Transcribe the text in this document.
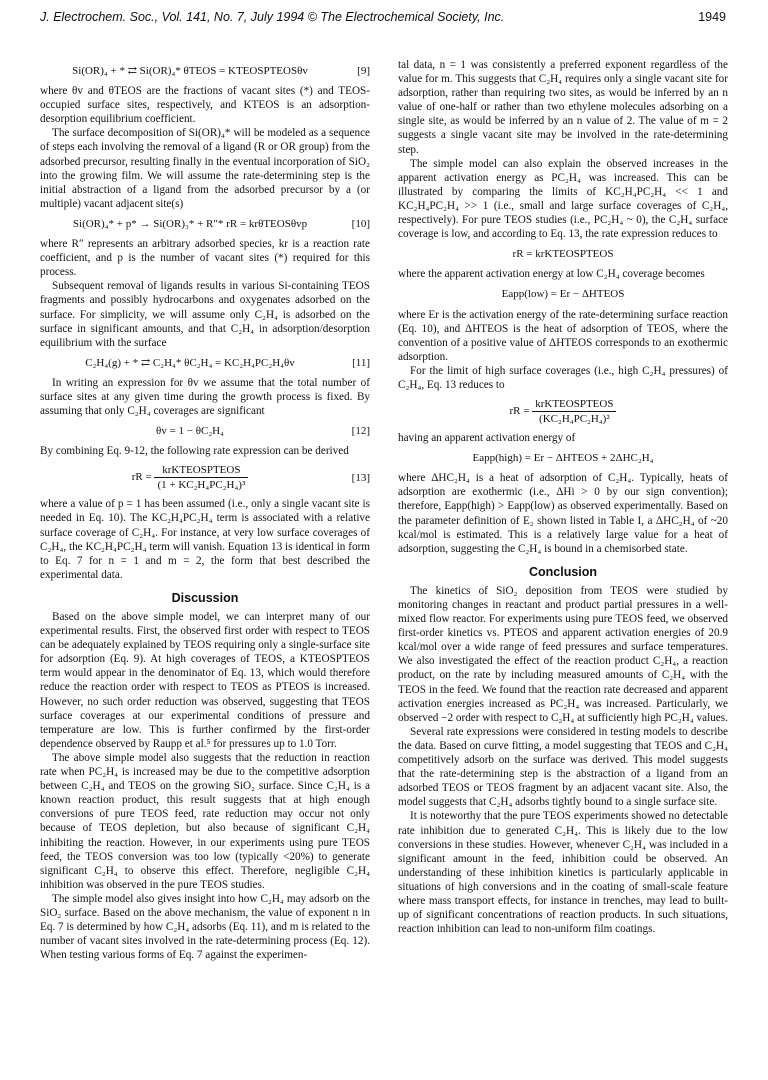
J. Electrochem. Soc., Vol. 141, No. 7, July 1994 © The Electrochemical Society, Inc.	1949
Si(OR)₄ + * ⇄ Si(OR)₄* θTEOS = KTEOSPTEOSθv	[9]

where θv and θTEOS are the fractions of vacant sites (*) and TEOS-occupied surface sites, respectively, and KTEOS is an adsorption-desorption equilibrium coefficient.

The surface decomposition of Si(OR)₄* will be modeled as a sequence of steps each involving the removal of a ligand (R or OR group) from the adsorbed precursor, resulting finally in the eventual incorporation of SiO₂ into the growing film. We will assume the rate-determining step is the initial abstraction of a ligand from the adsorbed precursor by a (or multiple) vacant adjacent site(s)

Si(OR)₄* + p* → Si(OR)₃* + R″* rR = krθTEOSθvp	[10]

where R″ represents an arbitrary adsorbed species, kr is a reaction rate coefficient, and p is the number of vacant sites (*) required for this process.

Subsequent removal of ligands results in various Si-containing TEOS fragments and possibly hydrocarbons and oxygenates adsorbed on the surface. For simplicity, we will assume only C₂H₄ is adsorbed on the surface in significant amounts, and that C₂H₄ in adsorption/desorption equilibrium with the surface

C₂H₄(g) + * ⇄ C₂H₄* θC₂H₄ = KC₂H₄PC₂H₄θv	[11]

In writing an expression for θv we assume that the total number of surface sites at any given time during the growth process is fixed. By assuming that only C₂H₄ coverages are significant

θv = 1 − θC₂H₄	[12]

By combining Eq. 9-12, the following rate expression can be derived

rR = $\frac{\text{krKTEOSPTEOS}}{\text{(1 + KC₂H₄PC₂H₄)³}}$	[13]

where a value of p = 1 has been assumed (i.e., only a single vacant site is needed in Eq. 10). The KC₂H₄PC₂H₄ term is associated with a relative surface coverage of C₂H₄. For instance, at very low surface coverages of C₂H₄, the KC₂H₄PC₂H₄ term will vanish. Equation 13 is identical in form to Eq. 7 for n = 1 and m = 2, the form that best described the experimental data.

Discussion

Based on the above simple model, we can interpret many of our experimental results. First, the observed first order with respect to TEOS can be adequately explained by TEOS requiring only a single-surface site for adsorption (Eq. 9). At high coverages of TEOS, a KTEOSPTEOS term would appear in the denominator of Eq. 13, which would therefore reduce the reaction order with respect to TEOS as PTEOS is increased. However, no such order reduction was observed, suggesting that TEOS surface coverages at our experimental conditions of pressure and temperature are low. This is further confirmed by the first-order dependence observed by Raupp et al.⁵ for pressures up to 1.0 Torr.

The above simple model also suggests that the reduction in reaction rate when PC₂H₄ is increased may be due to the competitive adsorption between C₂H₄ and TEOS on the growing SiO₂ surface. Since C₂H₄ is a known reaction product, this result suggests that at high enough conversions of pure TEOS feed, rate reduction may occur not only because of TEOS depletion, but also because of significant C₂H₄ inhibiting the reaction. However, in our experiments using pure TEOS feed, the TEOS conversion was too low (typically <20%) to generate significant C₂H₄ to observe this effect. Therefore, negligible C₂H₄ inhibition was observed in the pure TEOS studies.

The simple model also gives insight into how C₂H₄ may adsorb on the SiO₂ surface. Based on the above mechanism, the value of exponent n in Eq. 7 is determined by how C₂H₄ adsorbs (Eq. 11), and m is related to the number of vacant sites involved in the rate-determining process (Eq. 12). When testing various forms of Eq. 7 against the experimen-

tal data, n = 1 was consistently a preferred exponent regardless of the value for m. This suggests that C₂H₄ requires only a single vacant site for adsorption, rather than requiring two sites, as would be inferred by an n value of one-half or rather than two ethylene molecules adsorbing on a single site, as would be inferred by an n value of 2. The value of m = 2 suggests a single vacant site may be involved in the rate-determining step.

The simple model can also explain the observed increases in the apparent activation energy as PC₂H₄ was increased. This can be illustrated by comparing the limits of KC₂H₄PC₂H₄ << 1 and KC₂H₄PC₂H₄ >> 1 (i.e., small and large surface coverages of C₂H₄, respectively). For pure TEOS studies (i.e., PC₂H₄ ~ 0), the C₂H₄ surface coverage is low, and according to Eq. 13, the rate expression reduces to

rR = krKTEOSPTEOS

where the apparent activation energy at low C₂H₄ coverage becomes

Eapp(low) = Er − ΔHTEOS

where Er is the activation energy of the rate-determining surface reaction (Eq. 10), and ΔHTEOS is the heat of adsorption of TEOS, where the convention of a positive value of ΔHTEOS corresponds to an exothermic adsorption.

For the limit of high surface coverages (i.e., high C₂H₄ pressures) of C₂H₄, Eq. 13 reduces to

rR = $\frac{\text{krKTEOSPTEOS}}{\text{(KC₂H₄PC₂H₄)²}}$

having an apparent activation energy of

Eapp(high) = Er − ΔHTEOS + 2ΔHC₂H₄

where ΔHC₂H₄ is a heat of adsorption of C₂H₄. Typically, heats of adsorption are exothermic (i.e., ΔHi > 0 by our sign convention); therefore, Eapp(high) > Eapp(low) as observed experimentally. Based on the parameter definition of E₂ shown listed in Table I, a ΔHC₂H₄ of ~20 kcal/mol is estimated. This is a relatively large value for a heat of adsorption, suggesting the C₂H₄ is bound in a chemisorbed state.

Conclusion

The kinetics of SiO₂ deposition from TEOS were studied by monitoring changes in reactant and product partial pressures in a well-mixed flow reactor. For experiments using pure TEOS feed, we observed first-order kinetics vs. PTEOS and apparent activation energies of 20.9 kcal/mol over a wide range of feed pressures and surface temperatures. We also investigated the effect of the reaction product C₂H₄, a reaction product, on the rate by including measured amounts of C₂H₄ with the TEOS in the feed. We found that the reaction rate decreased and apparent activation energies increased as PC₂H₄ was increased. Particularly, we observed −2 order with respect to C₂H₄ at sufficiently high PC₂H₄ values.

Several rate expressions were considered in testing models to describe the data. Based on curve fitting, a model suggesting that TEOS and C₂H₄ competitively adsorb on the surface was derived. This model suggests that the rate-determining step is the abstraction of a ligand from an adsorbed TEOS or TEOS fragment by an adjacent vacant site. Also, the model suggests that C₂H₄ adsorbs tightly bound to a single surface site.

It is noteworthy that the pure TEOS experiments showed no detectable rate inhibition due to generated C₂H₄. This is likely due to the low conversions in these studies. However, whenever C₂H₄ was included in a significant amount in the feed, inhibition could be observed. An understanding of these inhibition kinetics is particularly applicable in situations of high conversions and in the coating of small-scale feature where mass transport effects, for instance in trenches, may lead to built-up of significant concentrations of reaction products. In such situations, reaction inhibition can lead to non-uniform film coatings.
